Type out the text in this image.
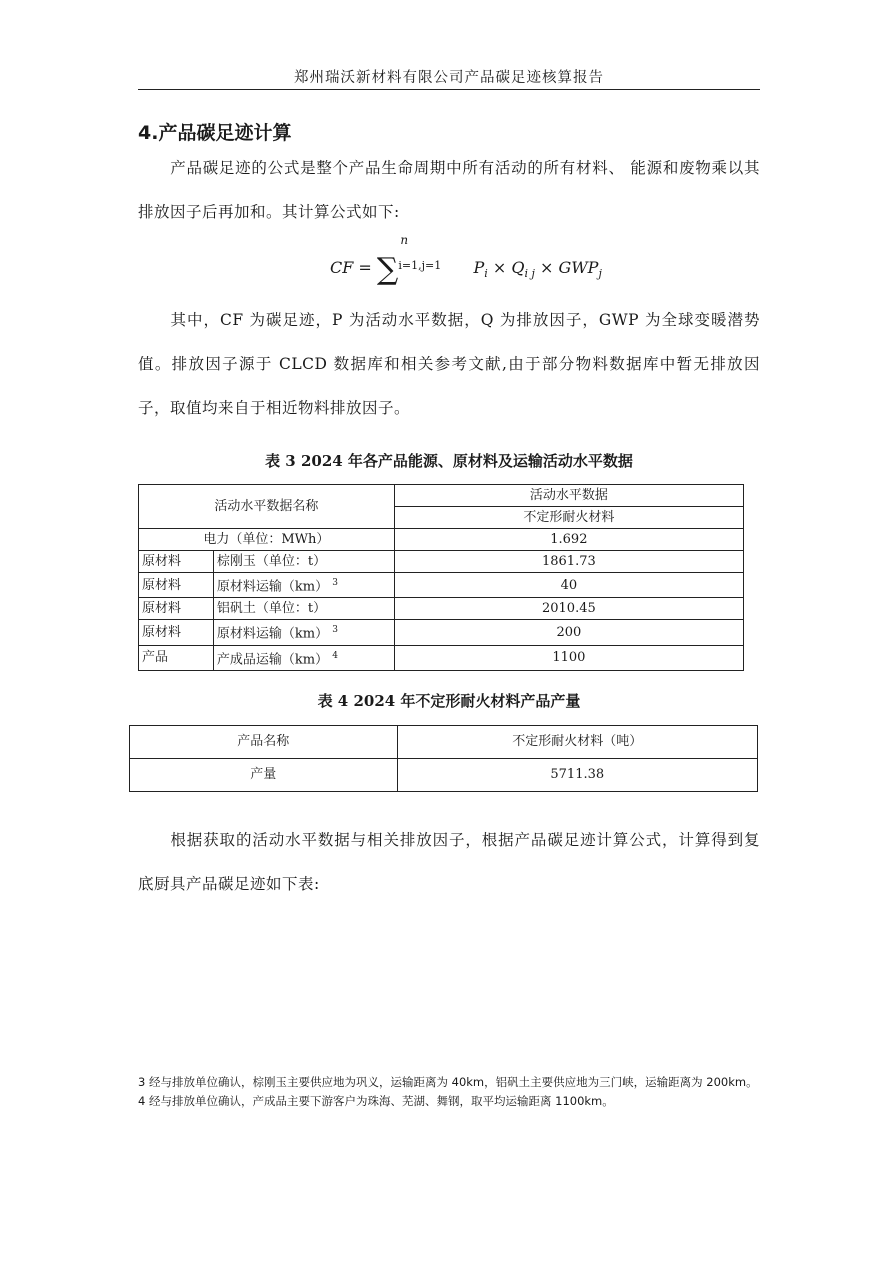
郑州瑞沃新材料有限公司产品碳足迹核算报告
4.产品碳足迹计算

产品碳足迹的公式是整个产品生命周期中所有活动的所有材料、 能源和废物乘以其排放因子后再加和。其计算公式如下:

CF = ∑
n
i=1,j=1 $P_i \times Q_{i j} \times GWP_j$

其中，CF 为碳足迹，P 为活动水平数据，Q 为排放因子，GWP 为全球变暖潜势值。排放因子源于 CLCD 数据库和相关参考文献,由于部分物料数据库中暂无排放因子，取值均来自于相近物料排放因子。

表 3 2024 年各产品能源、原材料及运输活动水平数据
活动水平数据名称		活动水平数据
		不定形耐火材料
电力（单位：MWh）		1.692
原材料	棕刚玉（单位：t）	1861.73
原材料	原材料运输（km） $^3$	40
原材料	铝矾土（单位：t）	2010.45
原材料	原材料运输（km） $^3$	200
产品	产成品运输（km） $^4$	1100
表 4 2024 年不定形耐火材料产品产量
产品名称	不定形耐火材料（吨）
产量	5711.38

根据获取的活动水平数据与相关排放因子，根据产品碳足迹计算公式，计算得到复底厨具产品碳足迹如下表:

3 经与排放单位确认，棕刚玉主要供应地为巩义，运输距离为 40km，铝矾土主要供应地为三门峡，运输距离为 200km。

4 经与排放单位确认，产成品主要下游客户为珠海、芜湖、舞钢，取平均运输距离 1100km。
